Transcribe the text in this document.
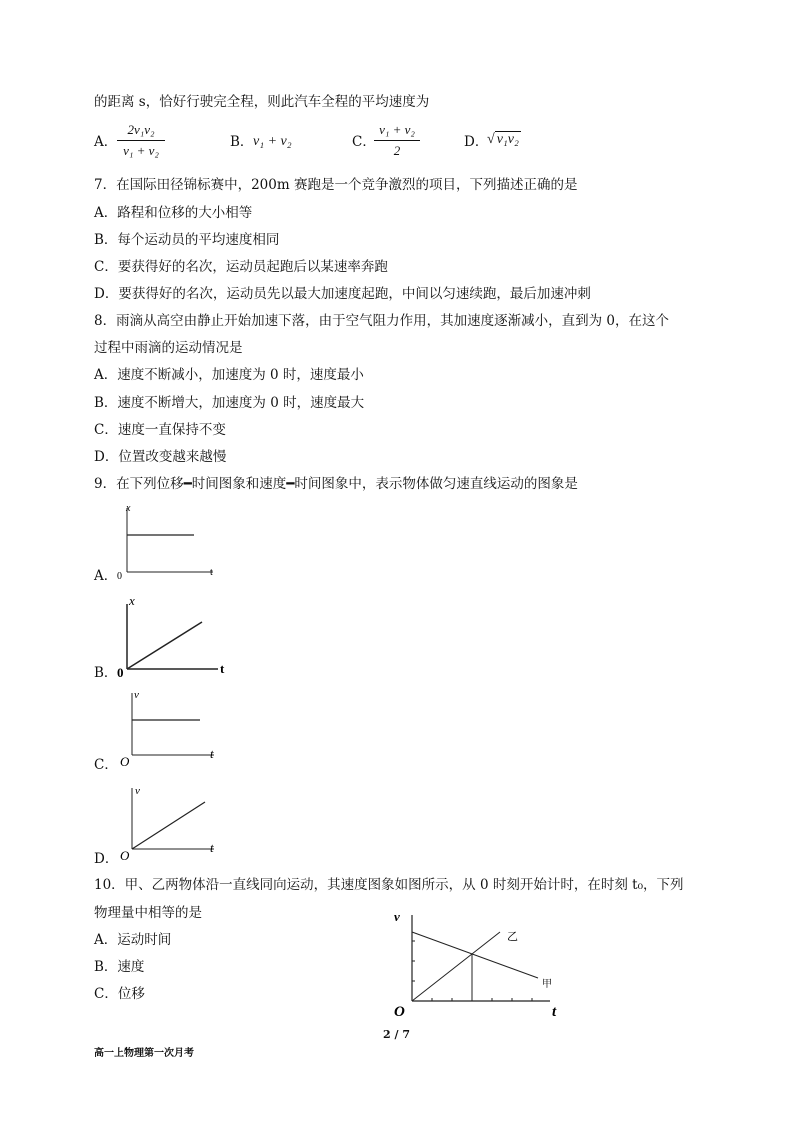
的距离 s，恰好行驶完全程，则此汽车全程的平均速度为
A．
2v₁v₂
v₁ + v₂
B． v₁ + v₂	C．
v₁ + v₂
2
D．
√ v₁v₂
7．在国际田径锦标赛中，200m 赛跑是一个竞争激烈的项目，下列描述正确的是
A．路程和位移的大小相等
B．每个运动员的平均速度相同
C．要获得好的名次，运动员起跑后以某速率奔跑
D．要获得好的名次，运动员先以最大加速度起跑，中间以匀速续跑，最后加速冲刺
8．雨滴从高空由静止开始加速下落，由于空气阻力作用，其加速度逐渐减小，直到为 0，在这个
过程中雨滴的运动情况是
A．速度不断减小，加速度为 0 时，速度最小
B．速度不断增大，加速度为 0 时，速度最大
C．速度一直保持不变
D．位置改变越来越慢
9．在下列位移━时间图象和速度━时间图象中，表示物体做匀速直线运动的图象是
A．
x
t
0
B．
x
t
0
C．
v
t
O
D．
v
t
O
10．甲、乙两物体沿一直线同向运动，其速度图象如图所示，从 0 时刻开始计时，在时刻 t₀，下列
物理量中相等的是
A．运动时间
B．速度
C．位移
v
t
O
乙
甲
2 / 7
高一上物理第一次月考
